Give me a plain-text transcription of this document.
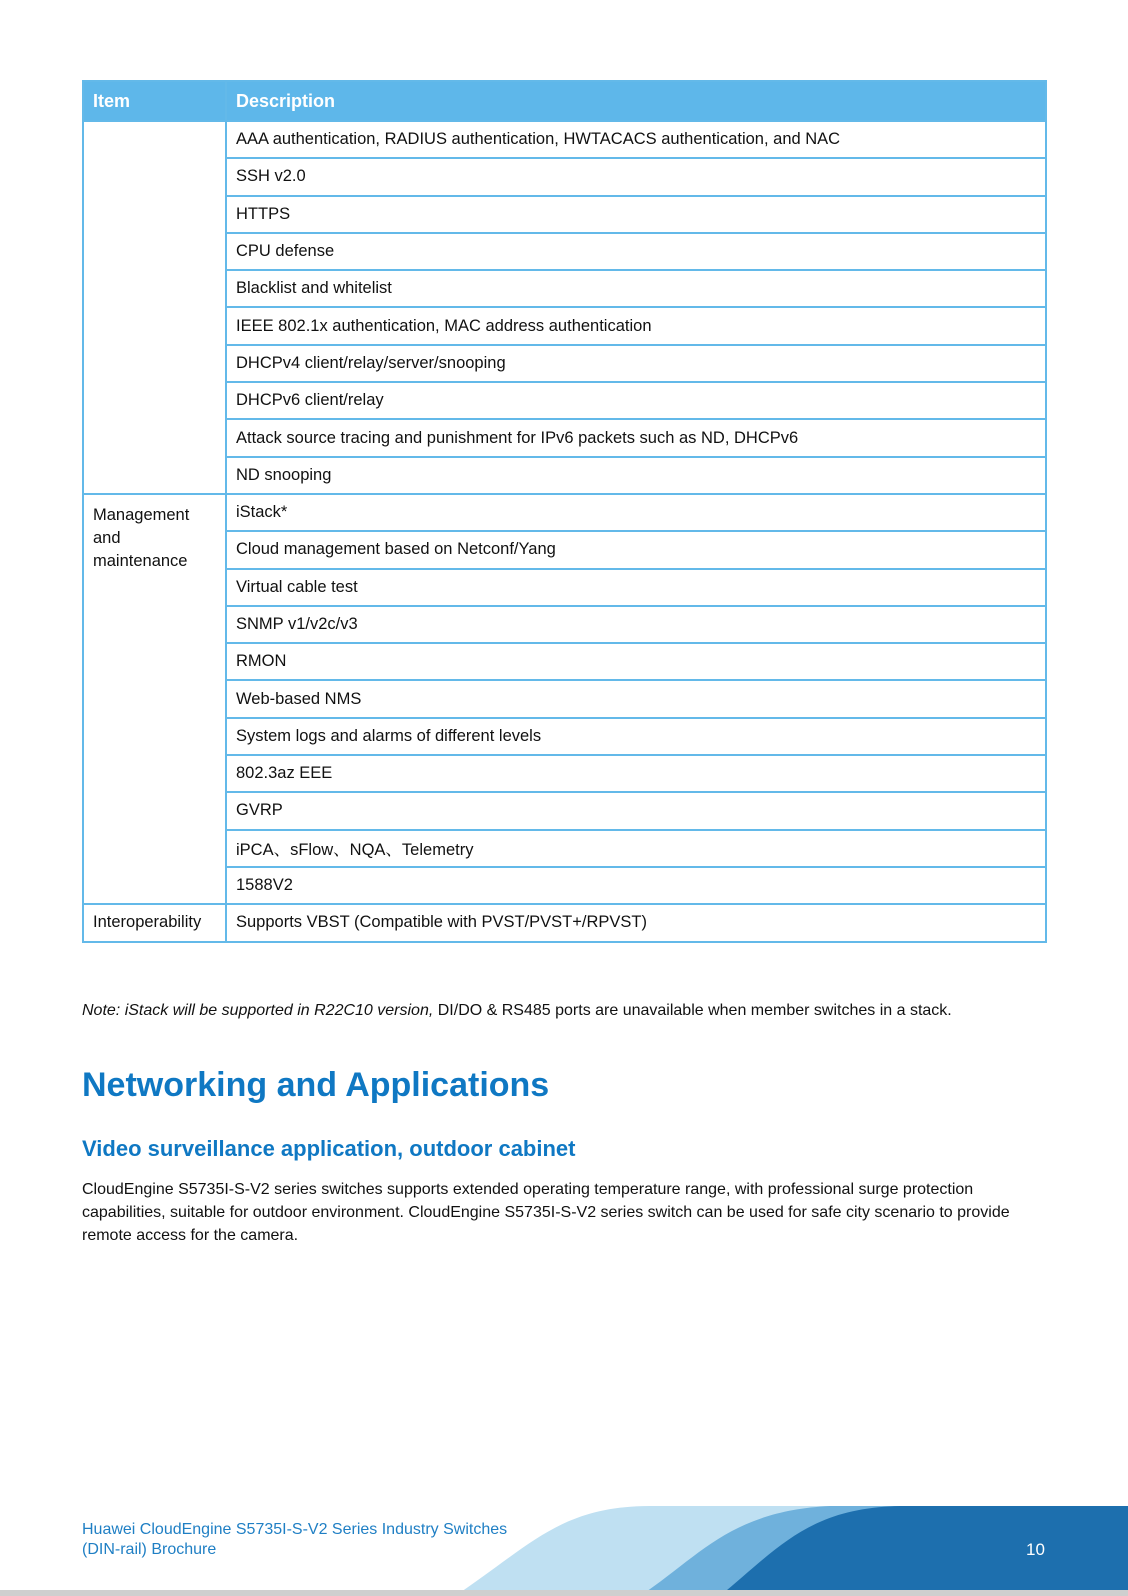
Item	Description
	AAA authentication, RADIUS authentication, HWTACACS authentication, and NAC
	SSH v2.0
	HTTPS
	CPU defense
	Blacklist and whitelist
	IEEE 802.1x authentication, MAC address authentication
	DHCPv4 client/relay/server/snooping
	DHCPv6 client/relay
	Attack source tracing and punishment for IPv6 packets such as ND, DHCPv6
	ND snooping
Management and maintenance	iStack*
	Cloud management based on Netconf/Yang
	Virtual cable test
	SNMP v1/v2c/v3
	RMON
	Web-based NMS
	System logs and alarms of different levels
	802.3az EEE
	GVRP
	iPCA、sFlow、NQA、Telemetry
	1588V2
Interoperability	Supports VBST (Compatible with PVST/PVST+/RPVST)

Note: iStack will be supported in R22C10 version, DI/DO & RS485 ports are unavailable when member switches in a stack.

Networking and Applications
Video surveillance application, outdoor cabinet

CloudEngine S5735I-S-V2 series switches supports extended operating temperature range, with professional surge protection capabilities, suitable for outdoor environment. CloudEngine S5735I-S-V2 series switch can be used for safe city scenario to provide remote access for the camera.

Huawei CloudEngine S5735I-S-V2 Series Industry Switches
(DIN-rail) Brochure	10
